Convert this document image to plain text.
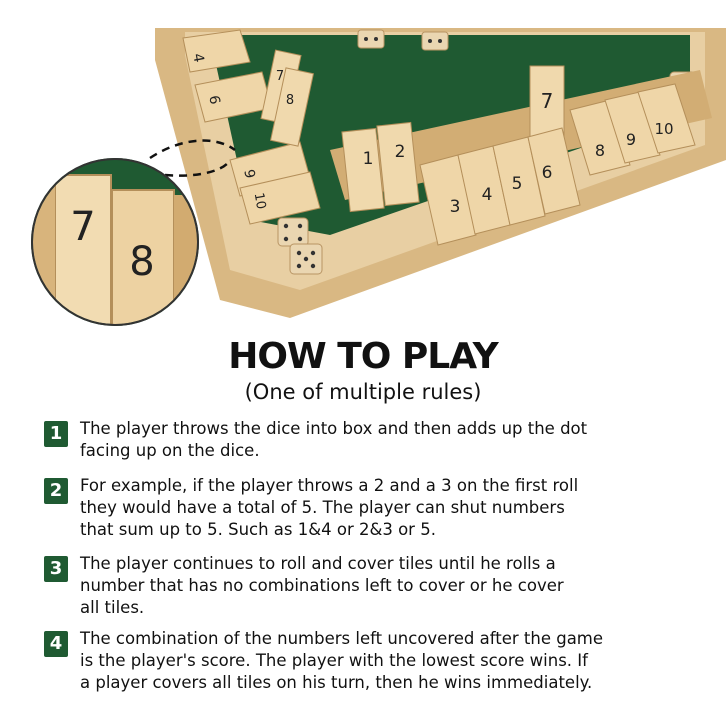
7
8
9
10
1 2
3
4
5
6
4
6
9
10
7
8
7
8
HOW TO PLAY
(One of multiple rules)
1	The player throws the dice into box and then adds up the dot
facing up on the dice.
2	For example, if the player throws a 2 and a 3 on the first roll
they would have a total of 5. The player can shut numbers
that sum up to 5. Such as 1&4 or 2&3 or 5.
3	The player continues to roll and cover tiles until he rolls a
number that has no combinations left to cover or he cover
all tiles.
4	The combination of the numbers left uncovered after the game
is the player's score. The player with the lowest score wins. If
a player covers all tiles on his turn, then he wins immediately.
